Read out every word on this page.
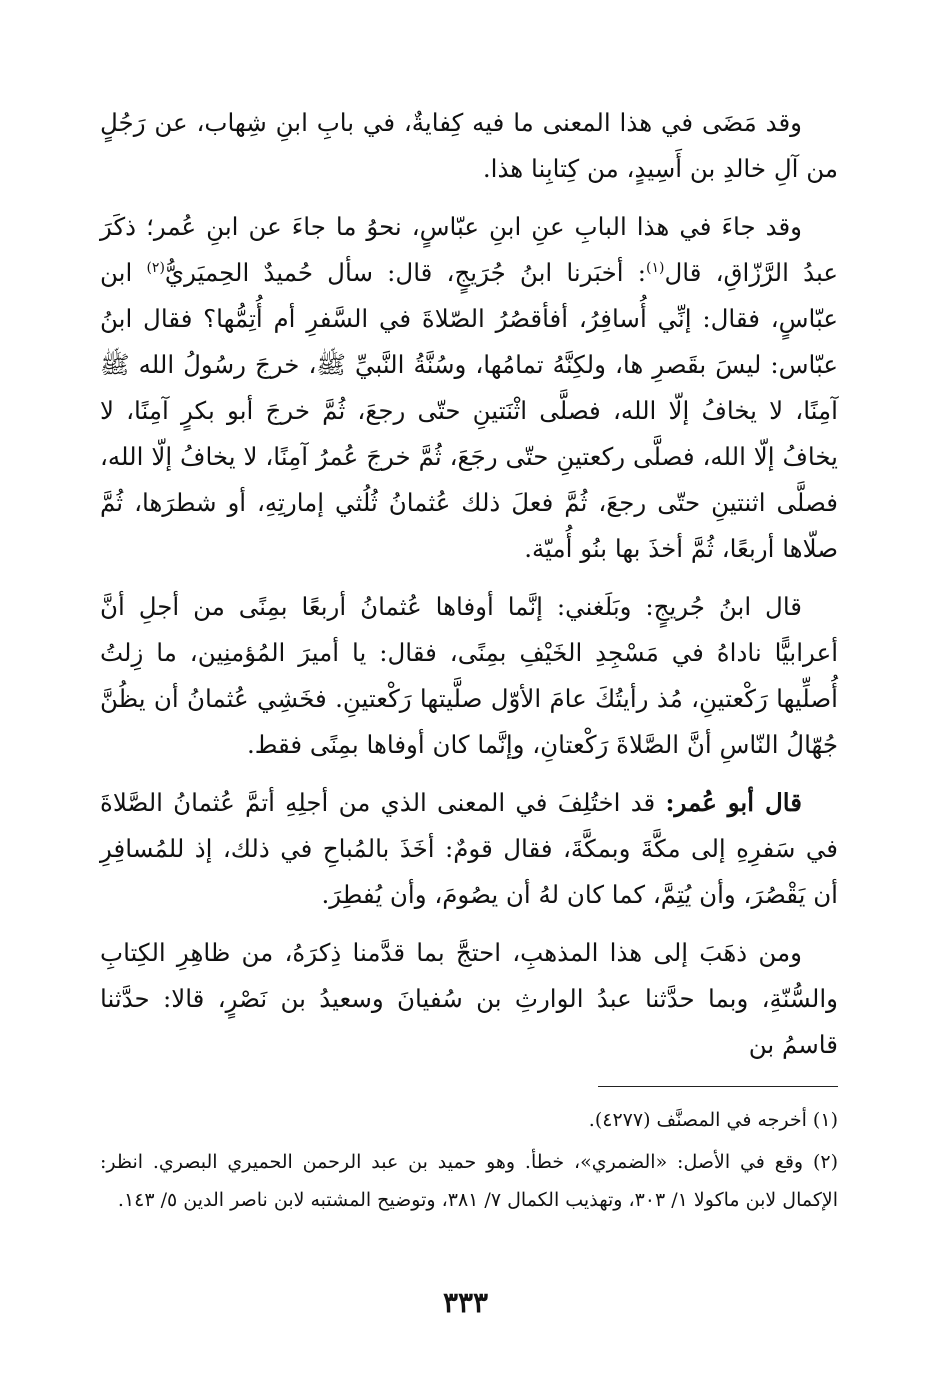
وقد مَضَى في هذا المعنى ما فيه كِفايةٌ، في بابِ ابنِ شِهاب، عن رَجُلٍ من آلِ خالدِ بن أَسِيدٍ، من كِتابِنا هذا.

وقد جاءَ في هذا البابِ عنِ ابنِ عبّاسٍ، نحوُ ما جاءَ عن ابنِ عُمر؛ ذكَرَ عبدُ الرَّزّاقِ، قال$^{(١)}$: أخبَرنا ابنُ جُرَيجٍ، قال: سأل حُميدٌ الحِميَريُّ$^{(٢)}$ ابن عبّاسٍ، فقال: إنِّي أُسافِرُ، أفأقصُرُ الصّلاةَ في السَّفرِ أم أُتِمُّها؟ فقال ابنُ عبّاس: ليسَ بقَصرِ ها، ولكِنَّهُ تمامُها، وسُنَّةُ النَّبيِّ ﷺ، خرجَ رسُولُ الله ﷺ آمِنًا، لا يخافُ إلّا الله، فصلَّى اثْنَتينِ حتّى رجعَ، ثُمَّ خرجَ أبو بكرٍ آمِنًا، لا يخافُ إلّا الله، فصلَّى ركعتينِ حتّى رجَعَ، ثُمَّ خرجَ عُمرُ آمِنًا، لا يخافُ إلّا الله، فصلَّى اثنتينِ حتّى رجعَ، ثُمَّ فعلَ ذلك عُثمانُ ثُلُثي إمارتِهِ، أو شطرَها، ثُمَّ صلّاها أربعًا، ثُمَّ أخذَ بها بنُو أُميّة.

قال ابنُ جُريجٍ: وبَلَغني: إنَّما أوفاها عُثمانُ أربعًا بمِنًى من أجلِ أنَّ أعرابيًّا ناداهُ في مَسْجِدِ الخَيْفِ بمِنًى، فقال: يا أميرَ المُؤمنِين، ما زِلتُ أُصلِّيها رَكْعتينِ، مُذ رأيتُكَ عامَ الأوّل صلَّيتها رَكْعتينِ. فخَشِي عُثمانُ أن يظُنَّ جُهّالُ النّاسِ أنَّ الصَّلاةَ رَكْعتانِ، وإنَّما كان أوفاها بمِنًى فقط.

قال أبو عُمر: قد اختُلِفَ في المعنى الذي من أجلِهِ أتمَّ عُثمانُ الصَّلاةَ في سَفرِهِ إلى مكَّةَ وبمكَّةَ، فقال قومٌ: أخَذَ بالمُباحِ في ذلك، إذ للمُسافِرِ أن يَقْصُرَ، وأن يُتِمَّ، كما كان لهُ أن يصُومَ، وأن يُفطِرَ.

ومن ذهَبَ إلى هذا المذهبِ، احتجَّ بما قدَّمنا ذِكرَهُ، من ظاهِرِ الكِتابِ والسُّنّةِ، وبما حدَّثنا عبدُ الوارثِ بن سُفيانَ وسعيدُ بن نَصْرٍ، قالا: حدَّثنا قاسمُ بن

(١) أخرجه في المصنَّف (٤٢٧٧).

(٢) وقع في الأصل: «الضمري»، خطأ. وهو حميد بن عبد الرحمن الحميري البصري. انظر: الإكمال لابن ماكولا ١/ ٣٠٣، وتهذيب الكمال ٧/ ٣٨١، وتوضيح المشتبه لابن ناصر الدين ٥/ ١٤٣.

٣٣٣
